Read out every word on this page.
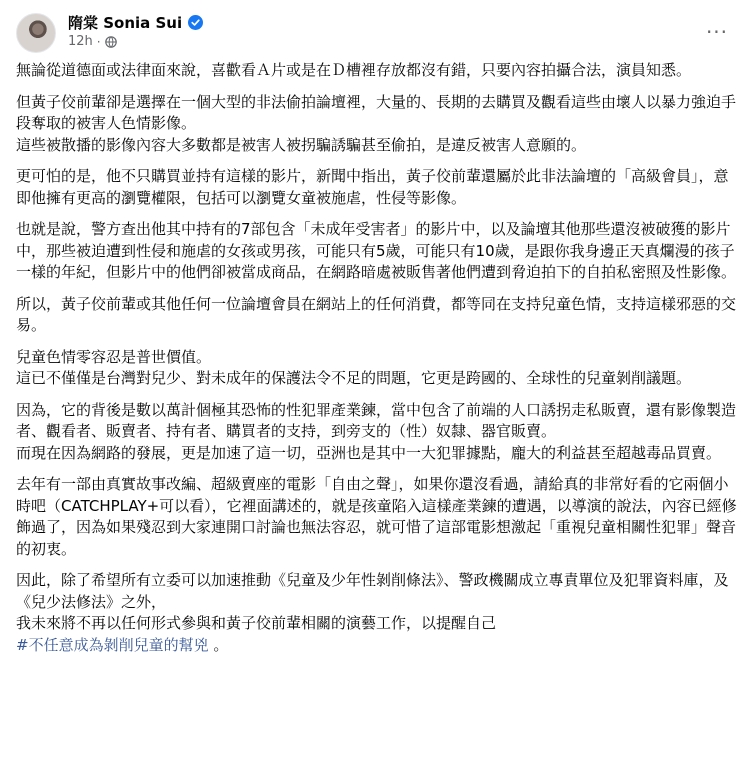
隋棠 Sonia Sui
12h ·	···

無論從道德面或法律面來說，喜歡看Ａ片或是在Ｄ槽裡存放都沒有錯，只要內容拍攝合法，演員知悉。

但黃子佼前輩卻是選擇在一個大型的非法偷拍論壇裡，大量的、長期的去購買及觀看這些由壞人以暴力強迫手段奪取的被害人色情影像。
這些被散播的影像內容大多數都是被害人被拐騙誘騙甚至偷拍，是違反被害人意願的。

更可怕的是，他不只購買並持有這樣的影片，新聞中指出，黃子佼前輩還屬於此非法論壇的「高級會員」，意即他擁有更高的瀏覽權限，包括可以瀏覽女童被施虐，性侵等影像。

也就是說，警方查出他其中持有的7部包含「未成年受害者」的影片中，以及論壇其他那些還沒被破獲的影片中，那些被迫遭到性侵和施虐的女孩或男孩，可能只有5歲，可能只有10歲，是跟你我身邊正天真爛漫的孩子一樣的年紀，但影片中的他們卻被當成商品，在網路暗處被販售著他們遭到脅迫拍下的自拍私密照及性影像。

所以，黃子佼前輩或其他任何一位論壇會員在網站上的任何消費，都等同在支持兒童色情，支持這樣邪惡的交易。

兒童色情零容忍是普世價值。
這已不僅僅是台灣對兒少、對未成年的保護法令不足的問題，它更是跨國的、全球性的兒童剝削議題。

因為，它的背後是數以萬計個極其恐怖的性犯罪產業鍊，當中包含了前端的人口誘拐走私販賣，還有影像製造者、觀看者、販賣者、持有者、購買者的支持，到旁支的（性）奴隸、器官販賣。
而現在因為網路的發展，更是加速了這一切，亞洲也是其中一大犯罪據點，龐大的利益甚至超越毒品買賣。

去年有一部由真實故事改編、超級賣座的電影「自由之聲」，如果你還沒看過，請給真的非常好看的它兩個小時吧（CATCHPLAY+可以看），它裡面講述的，就是孩童陷入這樣產業鍊的遭遇，以導演的說法，內容已經修飾過了，因為如果殘忍到大家連開口討論也無法容忍，就可惜了這部電影想激起「重視兒童相關性犯罪」聲音的初衷。

因此，除了希望所有立委可以加速推動《兒童及少年性剝削條法》、警政機關成立專責單位及犯罪資料庫，及《兒少法修法》之外，
我未來將不再以任何形式參與和黃子佼前輩相關的演藝工作，以提醒自己

#不任意成為剝削兒童的幫兇 。
